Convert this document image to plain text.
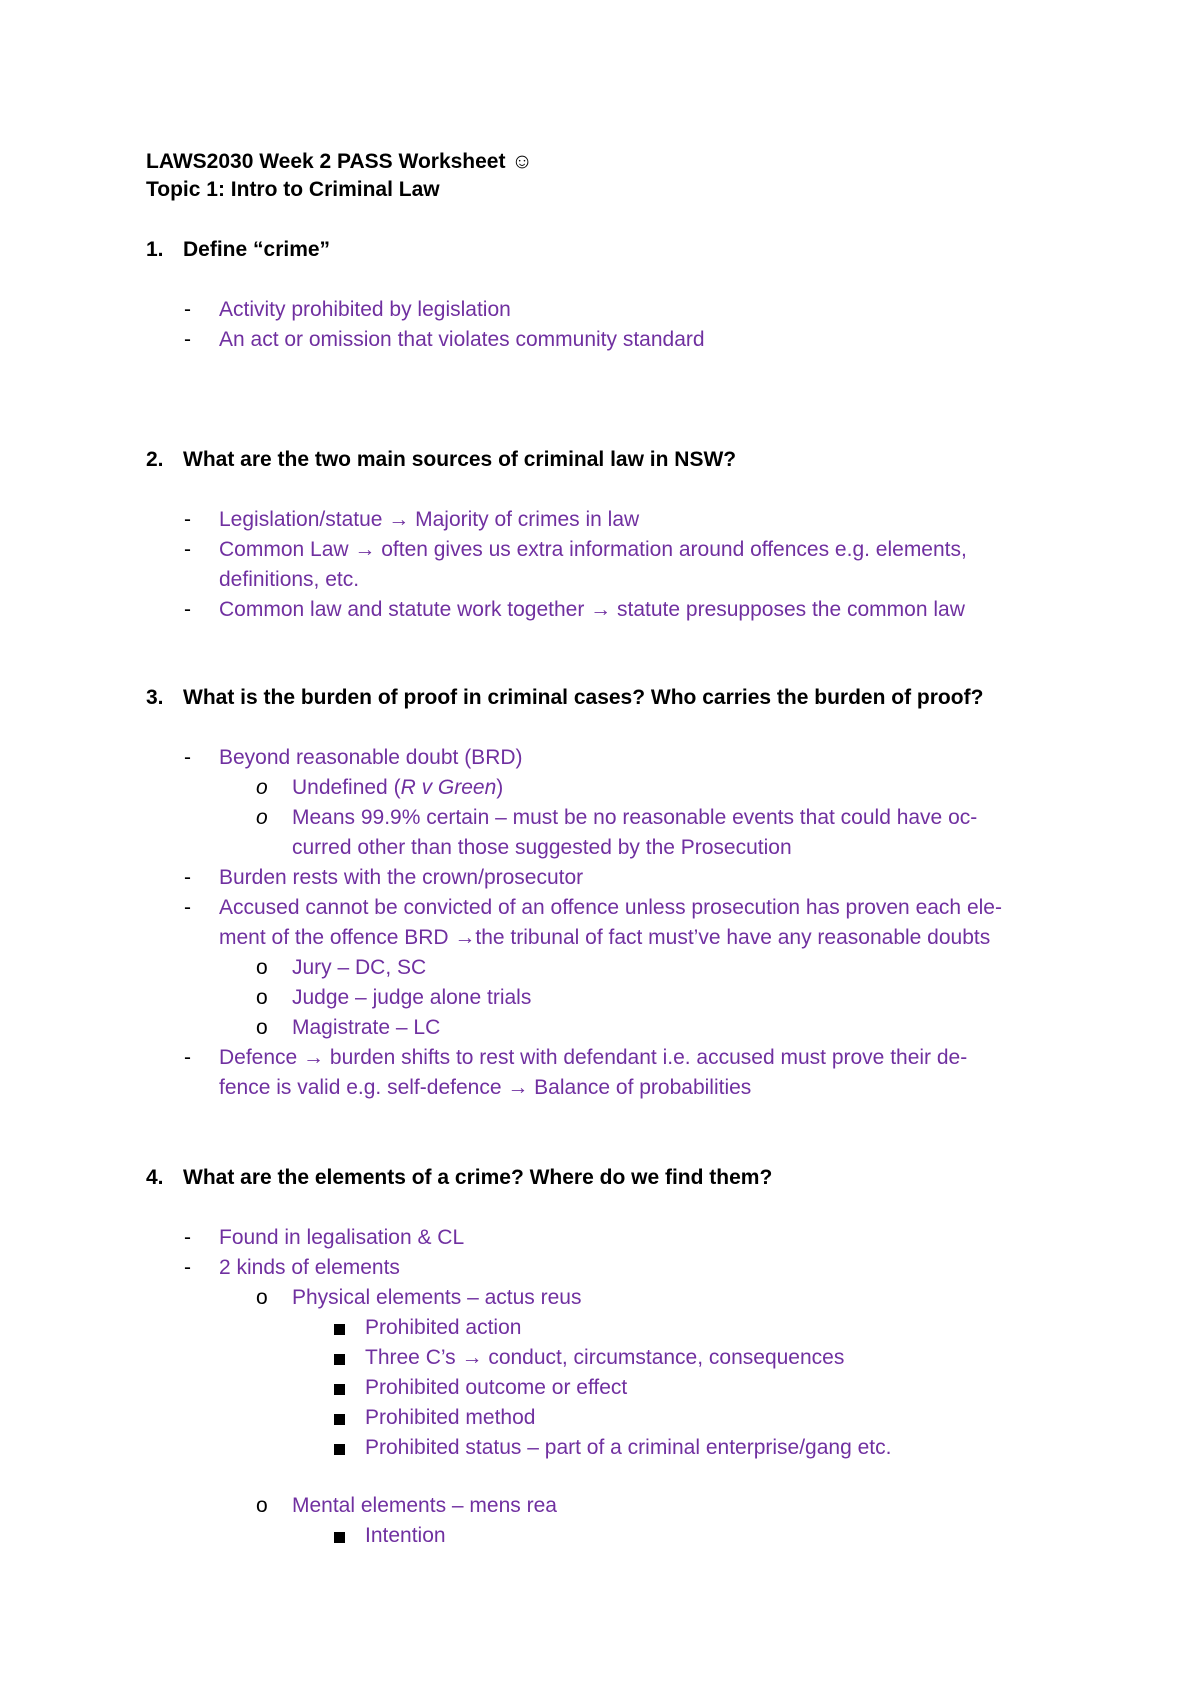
LAWS2030 Week 2 PASS Worksheet ☺
Topic 1: Intro to Criminal Law
1. Define “crime”
- Activity prohibited by legislation
- An act or omission that violates community standard
2. What are the two main sources of criminal law in NSW?
- Legislation/statue → Majority of crimes in law
- Common Law → often gives us extra information around offences e.g. elements,
definitions, etc.
- Common law and statute work together → statute presupposes the common law
3. What is the burden of proof in criminal cases? Who carries the burden of proof?
- Beyond reasonable doubt (BRD)
o Undefined (R v Green)
o Means 99.9% certain – must be no reasonable events that could have oc-
curred other than those suggested by the Prosecution
- Burden rests with the crown/prosecutor
- Accused cannot be convicted of an offence unless prosecution has proven each ele-
ment of the offence BRD →the tribunal of fact must’ve have any reasonable doubts
o Jury – DC, SC
o Judge – judge alone trials
o Magistrate – LC
- Defence → burden shifts to rest with defendant i.e. accused must prove their de-
fence is valid e.g. self-defence → Balance of probabilities
4. What are the elements of a crime? Where do we find them?
- Found in legalisation & CL
- 2 kinds of elements
o Physical elements – actus reus
Prohibited action
Three C’s → conduct, circumstance, consequences
Prohibited outcome or effect
Prohibited method
Prohibited status – part of a criminal enterprise/gang etc.
o Mental elements – mens rea
Intention
